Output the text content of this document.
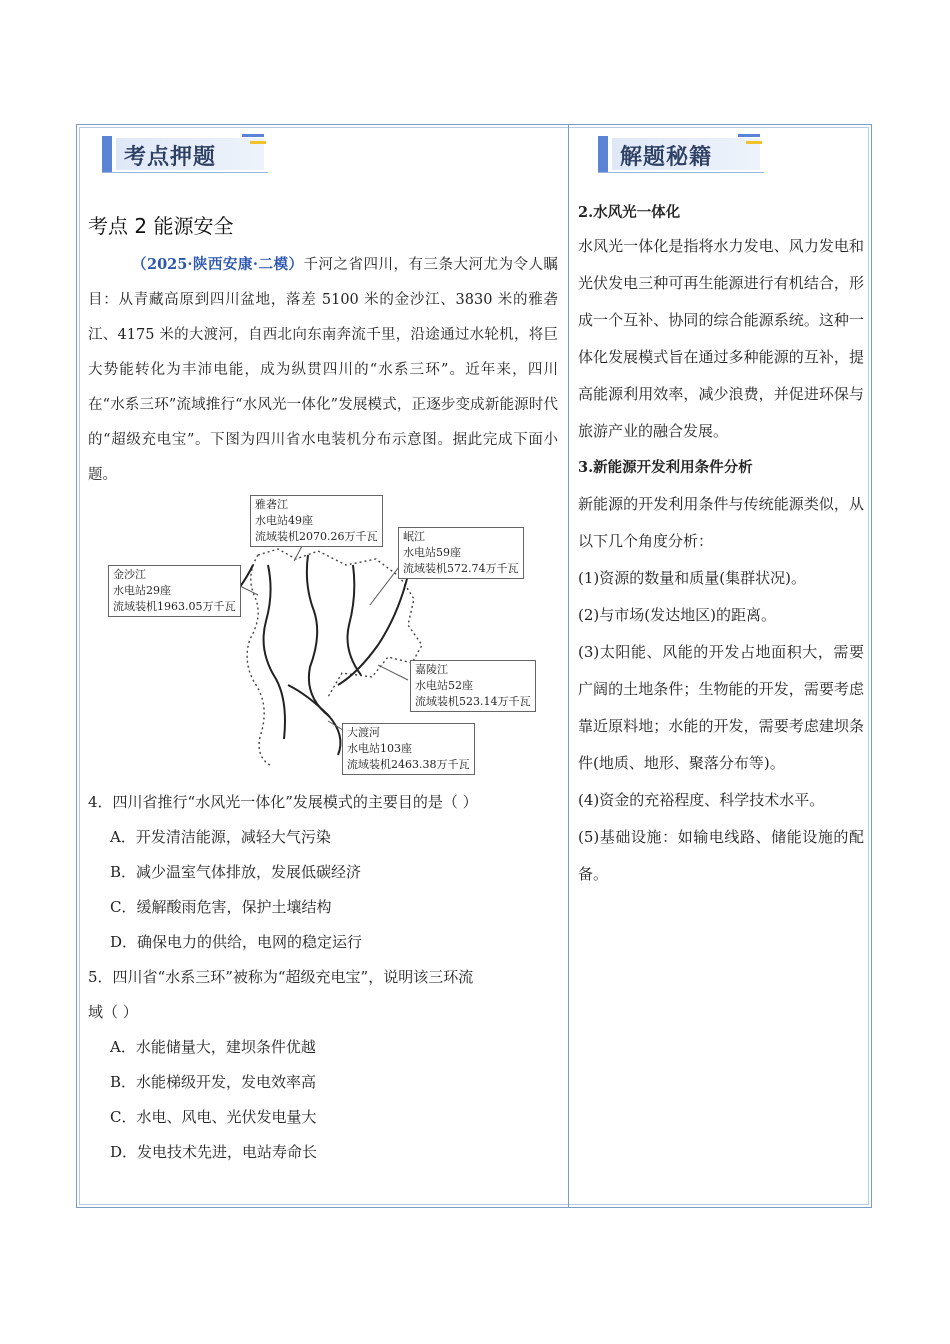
考点押题	解题秘籍
考点 2 能源安全

（2025·陕西安康·二模）千河之省四川，有三条大河尤为令人瞩目：从青藏高原到四川盆地，落差 5100 米的金沙江、3830 米的雅砻江、4175 米的大渡河，自西北向东南奔流千里，沿途通过水轮机，将巨大势能转化为丰沛电能，成为纵贯四川的“水系三环”。近年来，四川在“水系三环”流域推行“水风光一体化”发展模式，正逐步变成新能源时代的“超级充电宝”。下图为四川省水电装机分布示意图。据此完成下面小题。

雅砻江
水电站49座
流域装机2070.26万千瓦 岷江
水电站59座
流域装机572.74万千瓦
金沙江
水电站29座
流域装机1963.05万千瓦
嘉陵江
水电站52座
流域装机523.14万千瓦
大渡河
水电站103座
流域装机2463.38万千瓦

4．四川省推行“水风光一体化”发展模式的主要目的是（ ）

A．开发清洁能源，减轻大气污染

B．减少温室气体排放，发展低碳经济

C．缓解酸雨危害，保护土壤结构

D．确保电力的供给，电网的稳定运行

5．四川省“水系三环”被称为“超级充电宝”，说明该三环流

域（ ）

A．水能储量大，建坝条件优越

B．水能梯级开发，发电效率高

C．水电、风电、光伏发电量大

D．发电技术先进，电站寿命长

2.水风光一体化

水风光一体化是指将水力发电、风力发电和光伏发电三种可再生能源进行有机结合，形成一个互补、协同的综合能源系统。这种一体化发展模式旨在通过多种能源的互补，提高能源利用效率，减少浪费，并促进环保与旅游产业的融合发展。

3.新能源开发利用条件分析

新能源的开发利用条件与传统能源类似，从以下几个角度分析：

(1)资源的数量和质量(集群状况)。

(2)与市场(发达地区)的距离。

(3)太阳能、风能的开发占地面积大，需要广阔的土地条件；生物能的开发，需要考虑靠近原料地；水能的开发，需要考虑建坝条件(地质、地形、聚落分布等)。

(4)资金的充裕程度、科学技术水平。

(5)基础设施：如输电线路、储能设施的配备。
